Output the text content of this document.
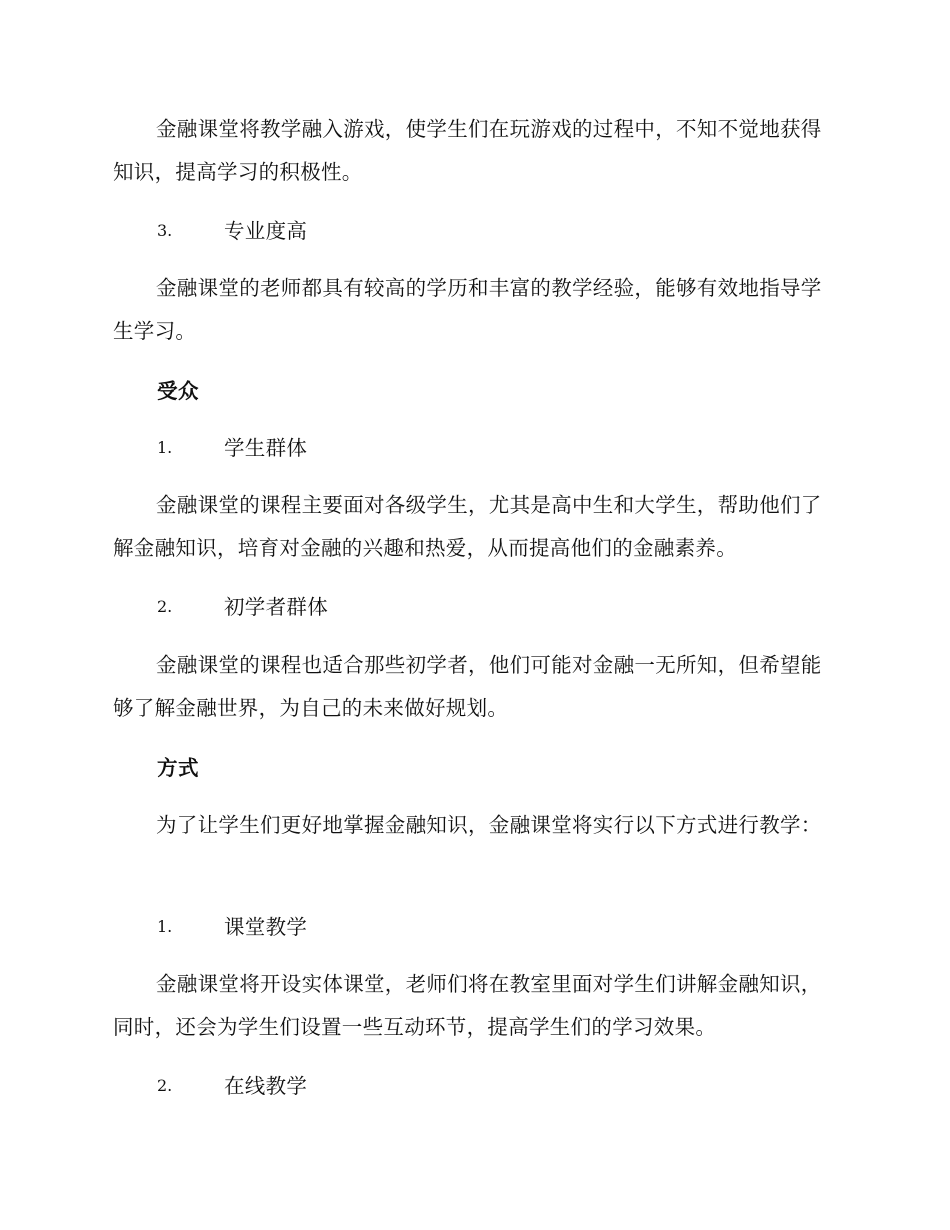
金融课堂将教学融入游戏，使学生们在玩游戏的过程中，不知不觉地获得知识，提高学习的积极性。

3.	专业度高

金融课堂的老师都具有较高的学历和丰富的教学经验，能够有效地指导学生学习。

受众
1.	学生群体

金融课堂的课程主要面对各级学生，尤其是高中生和大学生，帮助他们了解金融知识，培育对金融的兴趣和热爱，从而提高他们的金融素养。

2.	初学者群体

金融课堂的课程也适合那些初学者，他们可能对金融一无所知，但希望能够了解金融世界，为自己的未来做好规划。

方式

为了让学生们更好地掌握金融知识，金融课堂将实行以下方式进行教学：

1.	课堂教学

金融课堂将开设实体课堂，老师们将在教室里面对学生们讲解金融知识，同时，还会为学生们设置一些互动环节，提高学生们的学习效果。

2.	在线教学
